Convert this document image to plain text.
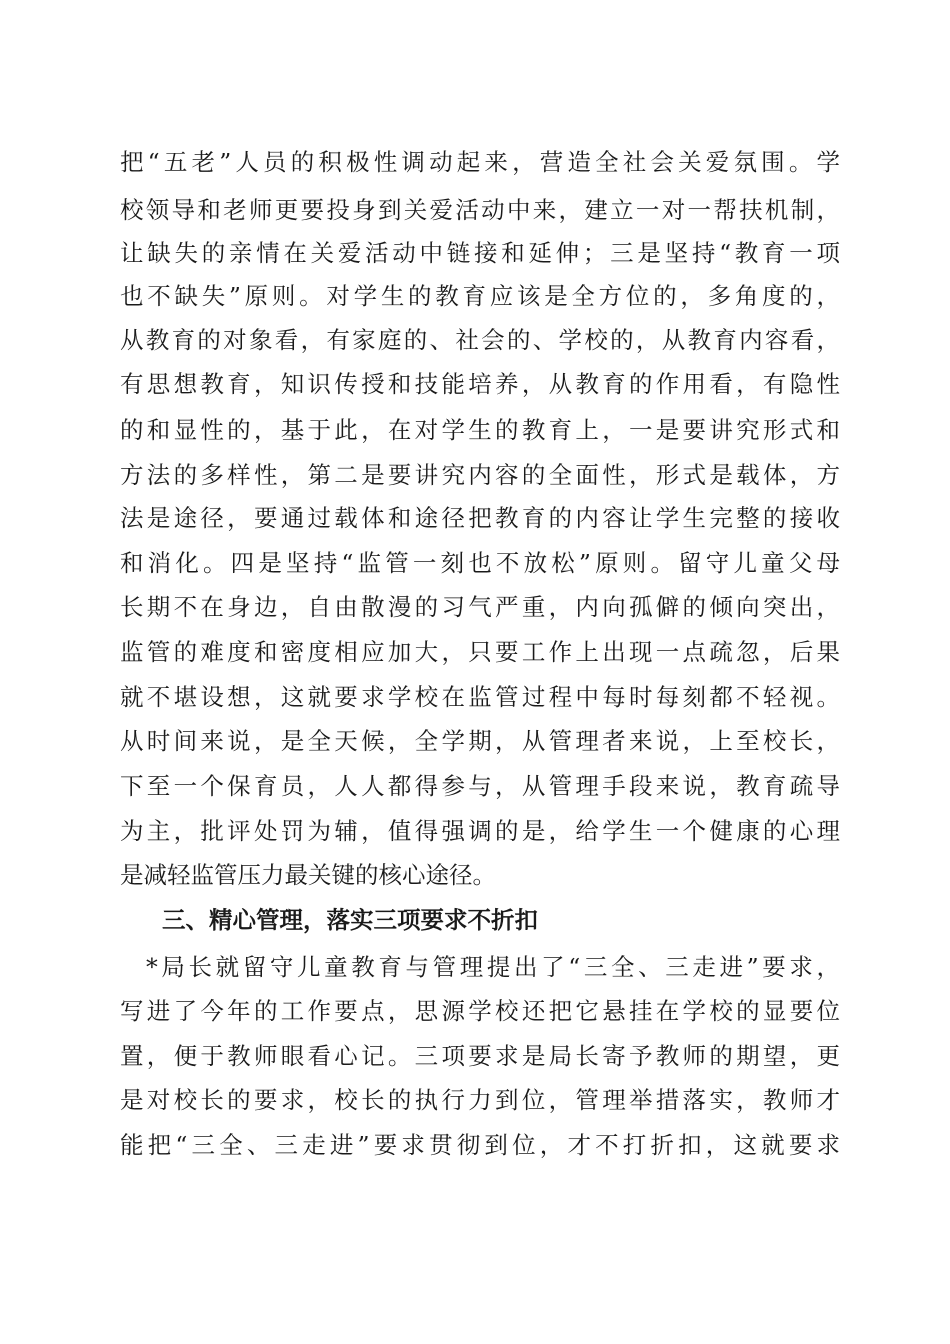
把“五老”人员的积极性调动起来，营造全社会关爱氛围。学
校领导和老师更要投身到关爱活动中来，建立一对一帮扶机制，
让缺失的亲情在关爱活动中链接和延伸；三是坚持“教育一项
也不缺失”原则。对学生的教育应该是全方位的，多角度的，
从教育的对象看，有家庭的、社会的、学校的，从教育内容看，
有思想教育，知识传授和技能培养，从教育的作用看，有隐性
的和显性的，基于此，在对学生的教育上，一是要讲究形式和
方法的多样性，第二是要讲究内容的全面性，形式是载体，方
法是途径，要通过载体和途径把教育的内容让学生完整的接收
和消化。四是坚持“监管一刻也不放松”原则。留守儿童父母
长期不在身边，自由散漫的习气严重，内向孤僻的倾向突出，
监管的难度和密度相应加大，只要工作上出现一点疏忽，后果
就不堪设想，这就要求学校在监管过程中每时每刻都不轻视。
从时间来说，是全天候，全学期，从管理者来说，上至校长，
下至一个保育员，人人都得参与，从管理手段来说，教育疏导
为主，批评处罚为辅，值得强调的是，给学生一个健康的心理
是减轻监管压力最关键的核心途径。
三、精心管理，落实三项要求不折扣
*局长就留守儿童教育与管理提出了“三全、三走进”要求，
写进了今年的工作要点，思源学校还把它悬挂在学校的显要位
置，便于教师眼看心记。三项要求是局长寄予教师的期望，更
是对校长的要求，校长的执行力到位，管理举措落实，教师才
能把“三全、三走进”要求贯彻到位，才不打折扣，这就要求
